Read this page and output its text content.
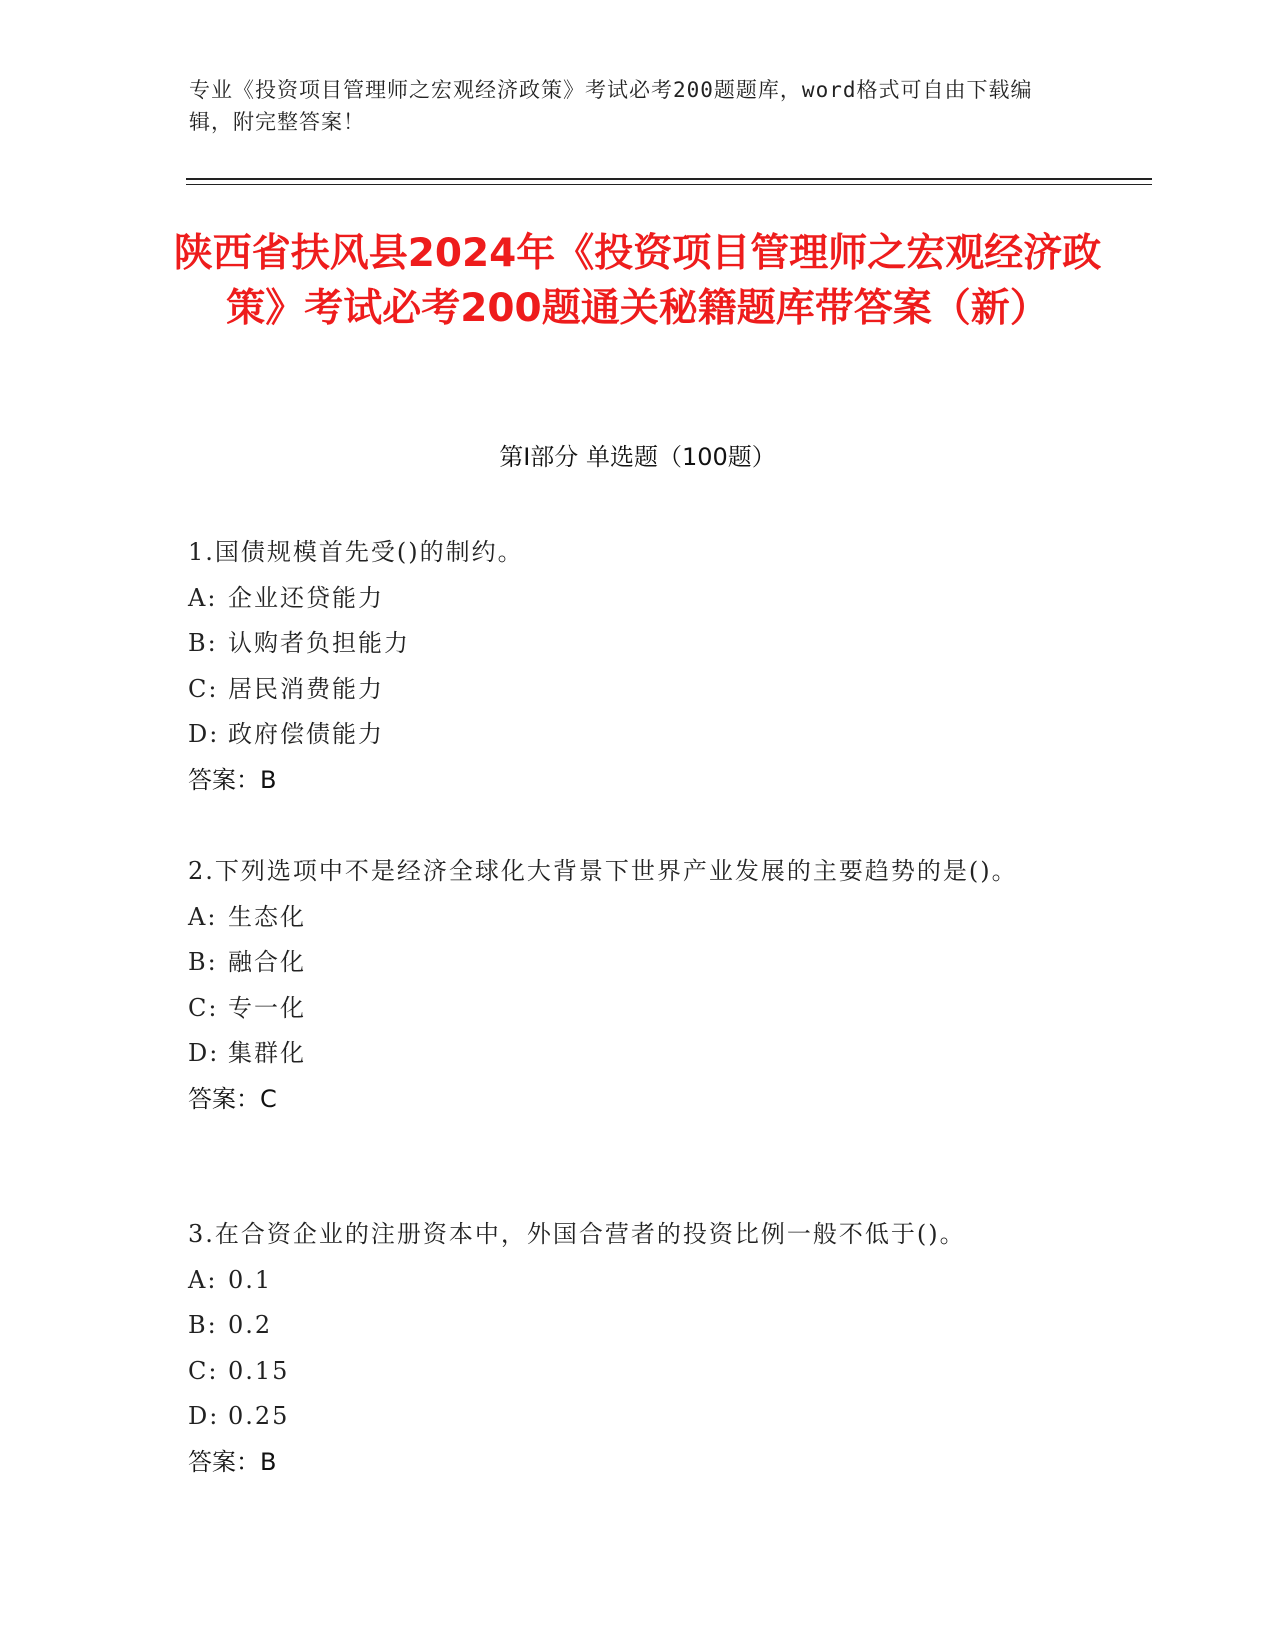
专业《投资项目管理师之宏观经济政策》考试必考200题题库，word格式可自由下载编辑，附完整答案！
陕西省扶风县2024年《投资项目管理师之宏观经济政策》考试必考200题通关秘籍题库带答案（新）
第I部分 单选题（100题）
1.国债规模首先受()的制约。
A: 企业还贷能力
B: 认购者负担能力
C: 居民消费能力
D: 政府偿债能力
答案：B
2.下列选项中不是经济全球化大背景下世界产业发展的主要趋势的是()。
A: 生态化
B: 融合化
C: 专一化
D: 集群化
答案：C
3.在合资企业的注册资本中，外国合营者的投资比例一般不低于()。
A: 0.1
B: 0.2
C: 0.15
D: 0.25
答案：B
